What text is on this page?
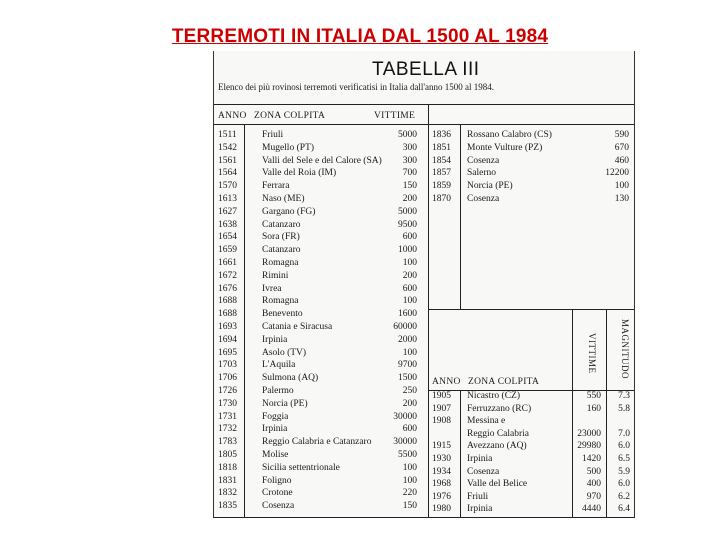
TERREMOTI IN ITALIA DAL 1500 AL 1984
TABELLA III
Elenco dei più rovinosi terremoti verificatisi in Italia dall'anno 1500 al 1984.
ANNO ZONA COLPITA	VITTIME
ANNO ZONA COLPITA
VITTIME	MAGNITUDO
1511	Friuli	5000
1542	Mugello (PT)	300
1561	Valli del Sele e del Calore (SA)	300
1564	Valle del Roia (IM)	700
1570	Ferrara	150
1613	Naso (ME)	200
1627	Gargano (FG)	5000
1638	Catanzaro	9500
1654	Sora (FR)	600
1659	Catanzaro	1000
1661	Romagna	100
1672	Rimini	200
1676	Ivrea	600
1688	Romagna	100
1688	Benevento	1600
1693	Catania e Siracusa	60000
1694	Irpinia	2000
1695	Asolo (TV)	100
1703	L'Aquila	9700
1706	Sulmona (AQ)	1500
1726	Palermo	250
1730	Norcia (PE)	200
1731	Foggia	30000
1732	Irpinia	600
1783	Reggio Calabria e Catanzaro	30000
1805	Molise	5500
1818	Sicilia settentrionale	100
1831	Foligno	100
1832	Crotone	220
1835	Cosenza	150
1836 Rossano Calabro (CS)	590
1851 Monte Vulture (PZ)	670
1854 Cosenza	460
1857 Salerno	12200
1859 Norcia (PE)	100
1870 Cosenza	130
1905 Nicastro (CZ)	550	7.3
1907 Ferruzzano (RC)	160	5.8
1908 Messina e
Reggio Calabria	23000	7.0
1915 Avezzano (AQ)	29980	6.0
1930 Irpinia	1420	6.5
1934 Cosenza	500	5.9
1968 Valle del Belice	400	6.0
1976 Friuli	970	6.2
1980 Irpinia	4440	6.4
